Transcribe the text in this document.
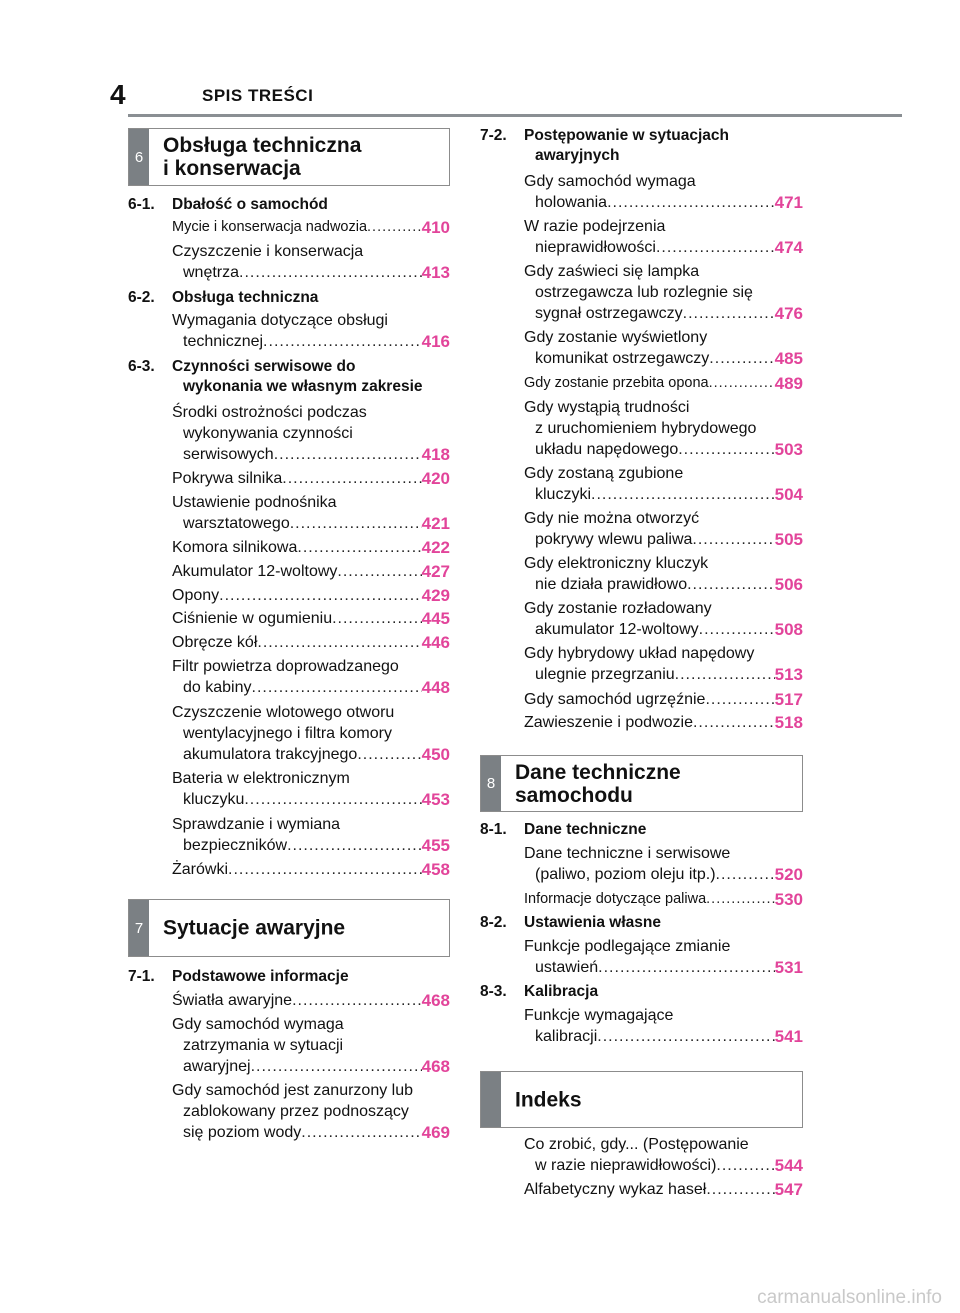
4	SPIS TREŚCI
6 Obsługa techniczna
i konserwacja
6-1. Dbałość o samochód
Mycie i konserwacja nadwozia .....	410
Czyszczenie i konserwacja
wnętrza .....	413
6-2. Obsługa techniczna
Wymagania dotyczące obsługi
technicznej .....	416
6-3. Czynności serwisowe do
wykonania we własnym zakresie
Środki ostrożności podczas
wykonywania czynności
serwisowych .....	418
Pokrywa silnika .....	420
Ustawienie podnośnika
warsztatowego .....	421
Komora silnikowa .....	422
Akumulator 12-woltowy .....	427
Opony .....	429
Ciśnienie w ogumieniu .....	445
Obręcze kół .....	446
Filtr powietrza doprowadzanego
do kabiny .....	448
Czyszczenie wlotowego otworu
wentylacyjnego i filtra komory
akumulatora trakcyjnego .....	450
Bateria w elektronicznym
kluczyku .....	453
Sprawdzanie i wymiana
bezpieczników .....	455
Żarówki .....	458
7 Sytuacje awaryjne
7-1. Podstawowe informacje
Światła awaryjne .....	468
Gdy samochód wymaga
zatrzymania w sytuacji
awaryjnej .....	468
Gdy samochód jest zanurzony lub
zablokowany przez podnoszący
się poziom wody .....	469
7-2. Postępowanie w sytuacjach
awaryjnych
Gdy samochód wymaga
holowania .....	471
W razie podejrzenia
nieprawidłowości .....	474
Gdy zaświeci się lampka
ostrzegawcza lub rozlegnie się
sygnał ostrzegawczy .....	476
Gdy zostanie wyświetlony
komunikat ostrzegawczy .....	485
Gdy zostanie przebita opona .....	489
Gdy wystąpią trudności
z uruchomieniem hybrydowego
układu napędowego .....	503
Gdy zostaną zgubione
kluczyki .....	504
Gdy nie można otworzyć
pokrywy wlewu paliwa .....	505
Gdy elektroniczny kluczyk
nie działa prawidłowo .....	506
Gdy zostanie rozładowany
akumulator 12-woltowy .....	508
Gdy hybrydowy układ napędowy
ulegnie przegrzaniu .....	513
Gdy samochód ugrzęźnie .....	517
Zawieszenie i podwozie .....	518
8 Dane techniczne
samochodu
8-1. Dane techniczne
Dane techniczne i serwisowe
(paliwo, poziom oleju itp.) .....	520
Informacje dotyczące paliwa .....	530
8-2. Ustawienia własne
Funkcje podlegające zmianie
ustawień .....	531
8-3. Kalibracja
Funkcje wymagające
kalibracji .....	541
Indeks
Co zrobić, gdy... (Postępowanie
w razie nieprawidłowości) .....	544
Alfabetyczny wykaz haseł .....	547
carmanualsonline.info
